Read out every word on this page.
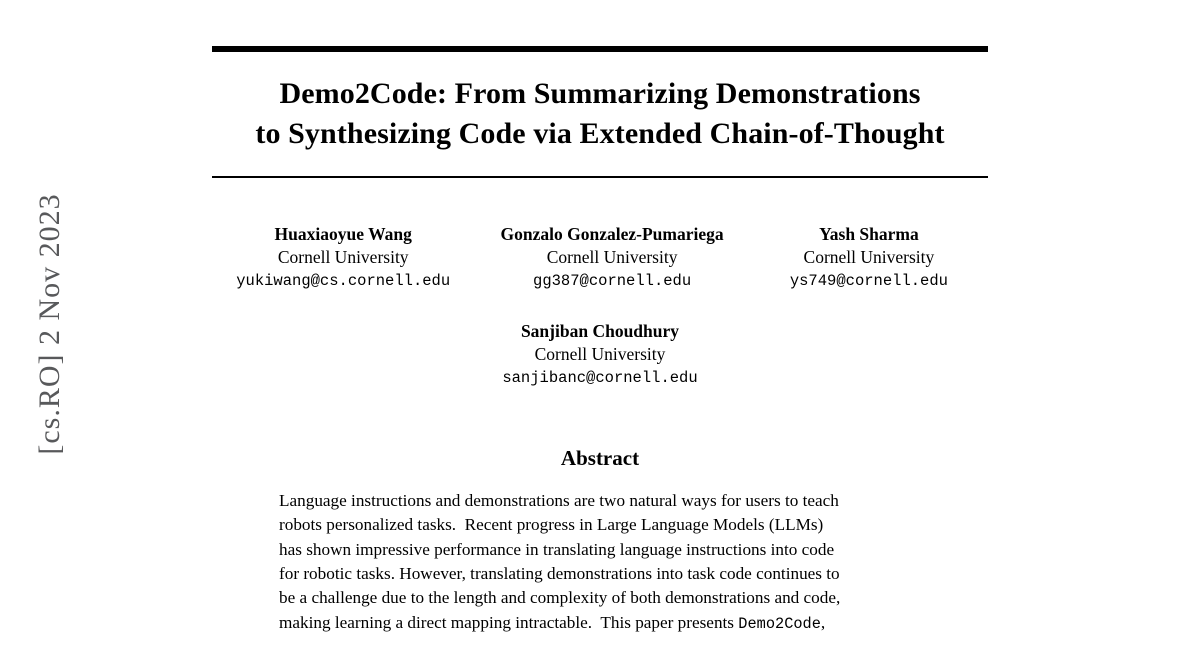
[cs.RO] 2 Nov 2023
Demo2Code: From Summarizing Demonstrations
to Synthesizing Code via Extended Chain-of-Thought
Huaxiaoyue Wang
Cornell University
yukiwang@cs.cornell.edu
Gonzalo Gonzalez-Pumariega
Cornell University
gg387@cornell.edu
Yash Sharma
Cornell University
ys749@cornell.edu
Sanjiban Choudhury
Cornell University
sanjibanc@cornell.edu
Abstract
Language instructions and demonstrations are two natural ways for users to teach
robots personalized tasks.  Recent progress in Large Language Models (LLMs)
has shown impressive performance in translating language instructions into code
for robotic tasks. However, translating demonstrations into task code continues to
be a challenge due to the length and complexity of both demonstrations and code,
making learning a direct mapping intractable.  This paper presents Demo2Code,
